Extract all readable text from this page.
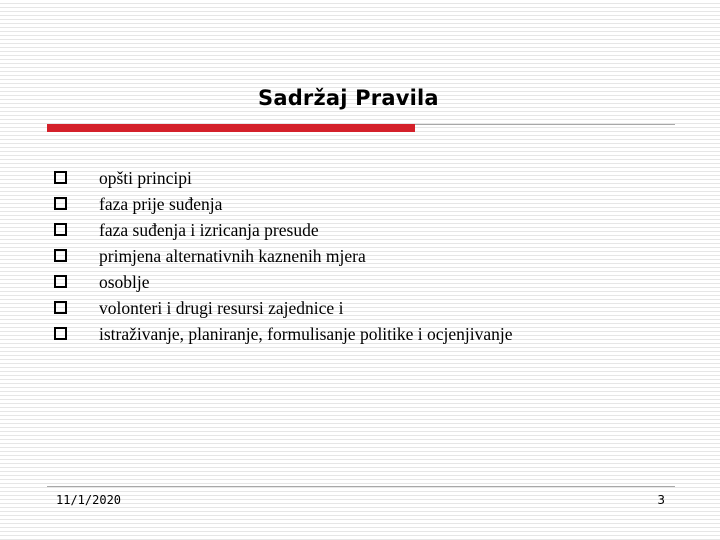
Sadržaj Pravila
opšti principi
faza prije suđenja
faza suđenja i izricanja presude
primjena alternativnih kaznenih mjera
osoblje
volonteri i drugi resursi zajednice i
istraživanje, planiranje, formulisanje politike i ocjenjivanje
11/1/2020	3
